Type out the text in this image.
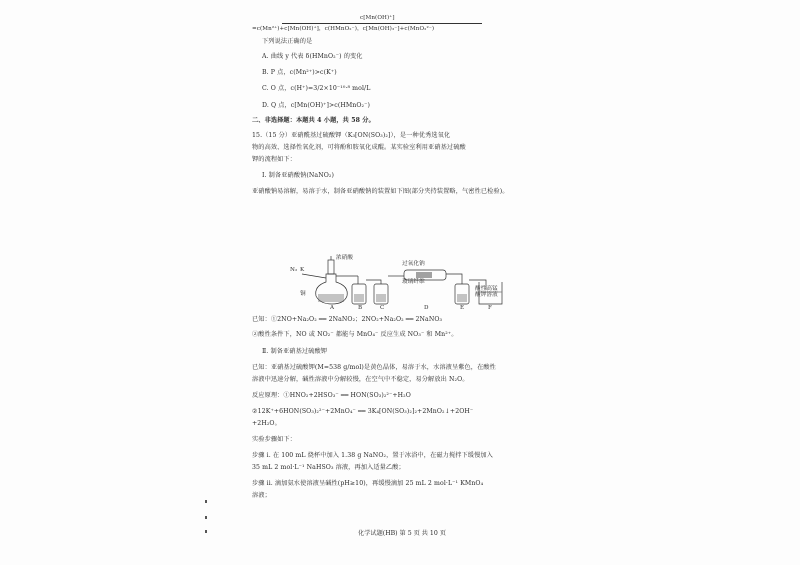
c[Mn(OH)⁺]
=c(Mn²⁺)+c[Mn(OH)⁺]，c(HMnO₂⁻)，c[Mn(OH)₃⁻]+c(MnO₂²⁻)
下列说法正确的是
A. 曲线 y 代表 δ(HMnO₂⁻) 的变化
B. P 点，c(Mn²⁺)>c(K⁺)
C. O 点，c(H⁺)=3/2×10⁻¹⁰·⁸ mol/L
D. Q 点，c[Mn(OH)⁺]>c(HMnO₂⁻)
二、非选择题：本题共 4 小题，共 58 分。
15.（15 分）亚硝酰基过硫酸钾（K₃[ON(SO₃)₂]），是一种优秀选氧化
物的高效、选择性氧化剂，可将酚和胺氧化成醌。某实验室利用亚硝基过硫酸
钾的流程如下：
Ⅰ. 制备亚硝酸钠(NaNO₂)
亚硝酸钠易溶解，易溶于水，制备亚硝酸钠的装置如下图(部分夹持装置略，气密性已检验)。
N₂ K
浓硝酸
铜
过氧化钠
玻璃纤维
酸性高锰酸钾溶液
A	B	C	D	E	F
已知：①2NO+Na₂O₂ ══ 2NaNO₂；2NO₂+Na₂O₂ ══ 2NaNO₃
②酸性条件下，NO 或 NO₂⁻ 都能与 MnO₄⁻ 反应生成 NO₃⁻ 和 Mn²⁺。
Ⅱ. 制备亚硝基过硫酸钾
已知：亚硝基过硫酸钾(M=538 g/mol)是黄色晶体，易溶于水，水溶液呈紫色，在酸性
溶液中迅速分解，碱性溶液中分解较慢，在空气中不稳定，易分解放出 N₂O。
反应原理：①HNO₂+2HSO₃⁻ ══ HON(SO₃)₂²⁻+H₂O
②12K⁺+6HON(SO₃)₂²⁻+2MnO₄⁻ ══ 3K₄[ON(SO₃)₂]₂+2MnO₂↓+2OH⁻
+2H₂O。
实验步骤如下：
步骤 i. 在 100 mL 烧杯中加入 1.38 g NaNO₂，置于冰浴中，在磁力搅拌下缓慢加入
35 mL 2 mol·L⁻¹ NaHSO₃ 溶液，再加入适量乙酸；
步骤 ii. 滴加氨水使溶液呈碱性(pH≥10)，再缓慢滴加 25 mL 2 mol·L⁻¹ KMnO₄
溶液；
化学试题(HB) 第 5 页 共 10 页
